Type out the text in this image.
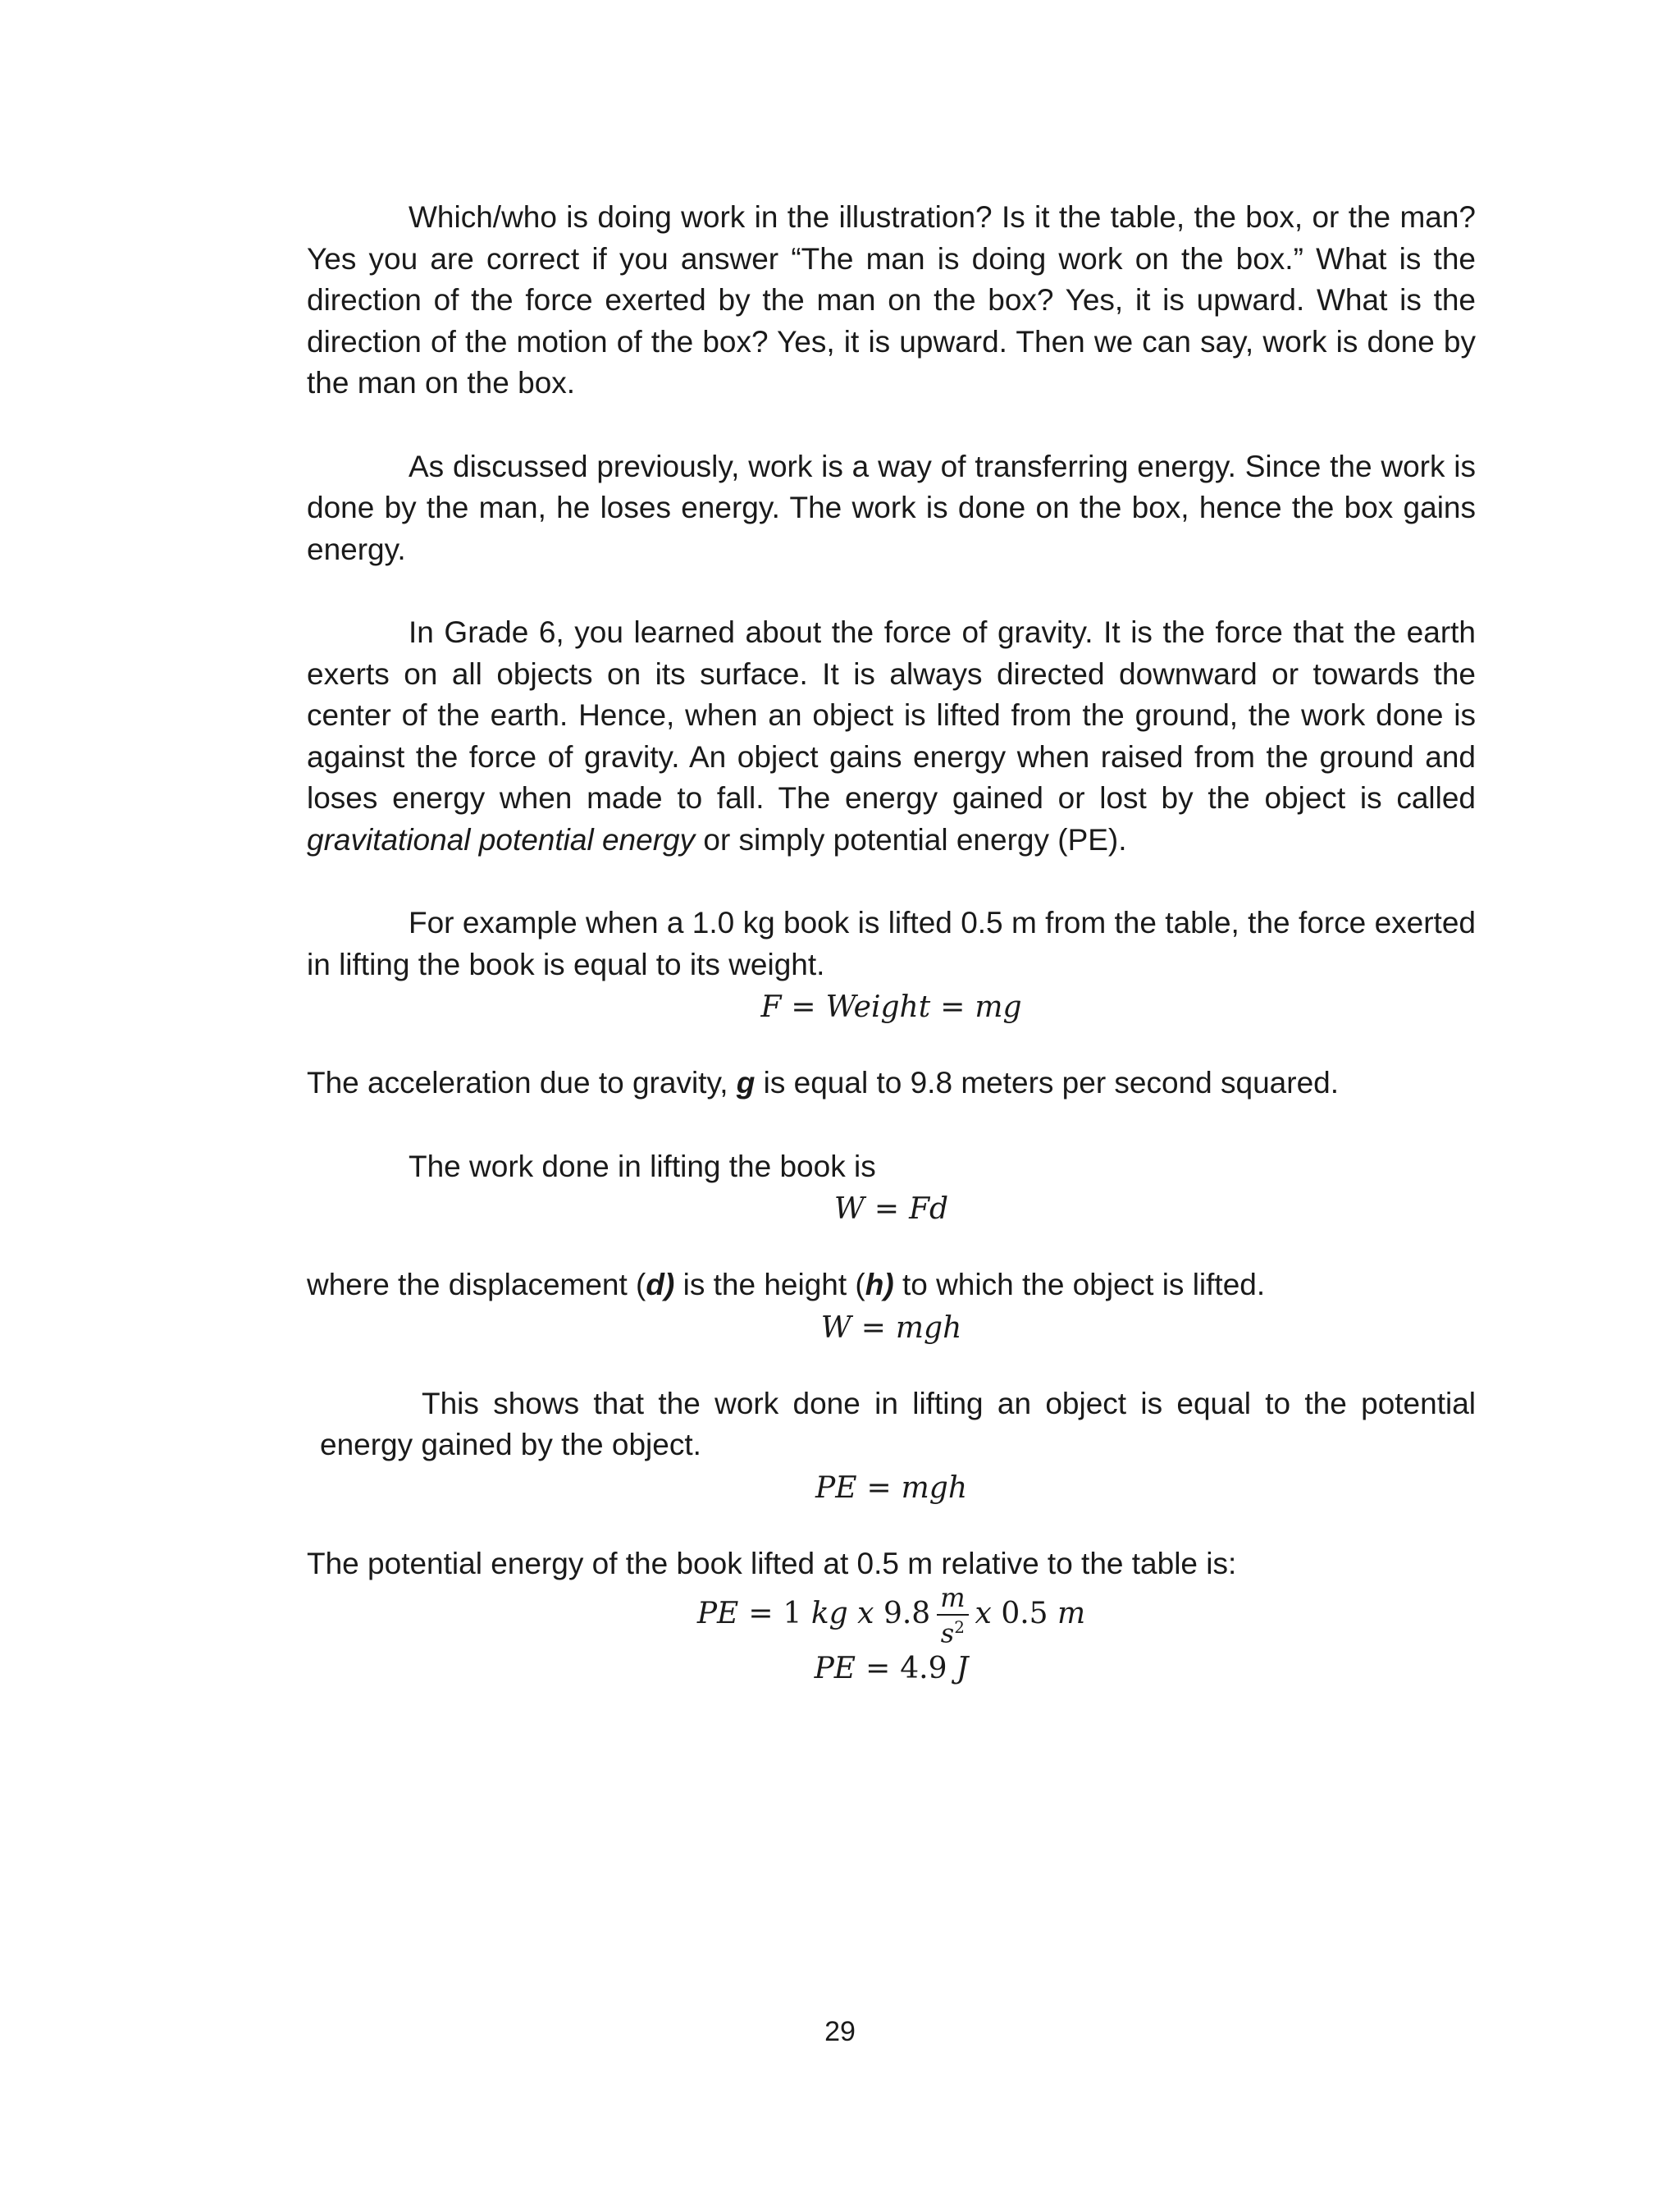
Which/who is doing work in the illustration? Is it the table, the box, or the man? Yes you are correct if you answer “The man is doing work on the box.” What is the direction of the force exerted by the man on the box? Yes, it is upward. What is the direction of the motion of the box? Yes, it is upward. Then we can say, work is done by the man on the box.

As discussed previously, work is a way of transferring energy. Since the work is done by the man, he loses energy. The work is done on the box, hence the box gains energy.

In Grade 6, you learned about the force of gravity. It is the force that the earth exerts on all objects on its surface. It is always directed downward or towards the center of the earth. Hence, when an object is lifted from the ground, the work done is against the force of gravity. An object gains energy when raised from the ground and loses energy when made to fall. The energy gained or lost by the object is called gravitational potential energy or simply potential energy (PE).

For example when a 1.0 kg book is lifted 0.5 m from the table, the force exerted in lifting the book is equal to its weight.

F = Weight = mg

The acceleration due to gravity, g is equal to 9.8 meters per second squared.

The work done in lifting the book is

W = Fd

where the displacement (d) is the height (h) to which the object is lifted.

W = mgh

This shows that the work done in lifting an object is equal to the potential energy gained by the object.

PE = mgh

The potential energy of the book lifted at 0.5 m relative to the table is:

PE = 1 kg x $9.8 \frac{m}{s^2}$ x 0.5 m

PE = 4.9 J

29
